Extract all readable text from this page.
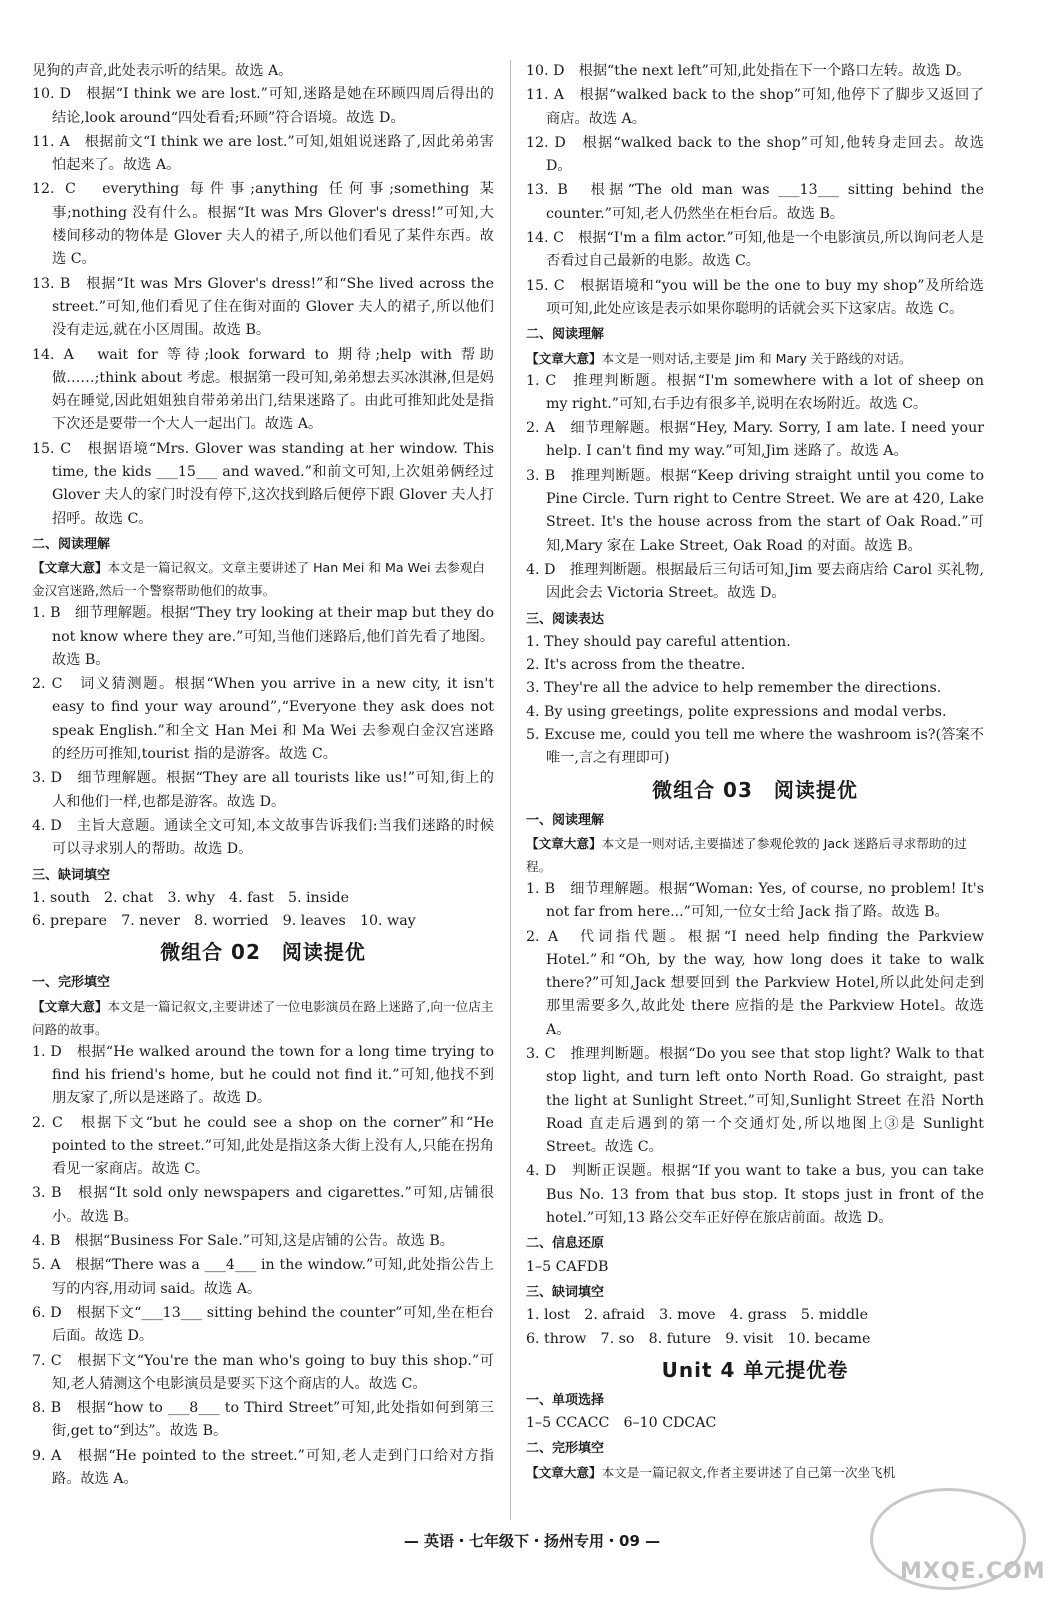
见狗的声音,此处表示听的结果。故选 A。

10. D　根据“I think we are lost.”可知,迷路是她在环顾四周后得出的结论,look around“四处看看;环顾”符合语境。故选 D。

11. A　根据前文“I think we are lost.”可知,姐姐说迷路了,因此弟弟害怕起来了。故选 A。

12. C　everything 每件事;anything 任何事;something 某事;nothing 没有什么。根据“It was Mrs Glover's dress!”可知,大楼间移动的物体是 Glover 夫人的裙子,所以他们看见了某件东西。故选 C。

13. B　根据“It was Mrs Glover's dress!”和“She lived across the street.”可知,他们看见了住在街对面的 Glover 夫人的裙子,所以他们没有走远,就在小区周围。故选 B。

14. A　wait for 等待;look forward to 期待;help with 帮助做……;think about 考虑。根据第一段可知,弟弟想去买冰淇淋,但是妈妈在睡觉,因此姐姐独自带弟弟出门,结果迷路了。由此可推知此处是指下次还是要带一个大人一起出门。故选 A。

15. C　根据语境“Mrs. Glover was standing at her window. This time, the kids ___15___ and waved.”和前文可知,上次姐弟俩经过 Glover 夫人的家门时没有停下,这次找到路后便停下跟 Glover 夫人打招呼。故选 C。

二、阅读理解

【文章大意】本文是一篇记叙文。文章主要讲述了 Han Mei 和 Ma Wei 去参观白金汉宫迷路,然后一个警察帮助他们的故事。

1. B　细节理解题。根据“They try looking at their map but they do not know where they are.”可知,当他们迷路后,他们首先看了地图。故选 B。

2. C　词义猜测题。根据“When you arrive in a new city, it isn't easy to find your way around”,“Everyone they ask does not speak English.”和全文 Han Mei 和 Ma Wei 去参观白金汉宫迷路的经历可推知,tourist 指的是游客。故选 C。

3. D　细节理解题。根据“They are all tourists like us!”可知,街上的人和他们一样,也都是游客。故选 D。

4. D　主旨大意题。通读全文可知,本文故事告诉我们:当我们迷路的时候可以寻求别人的帮助。故选 D。

三、缺词填空

1. south　2. chat　3. why　4. fast　5. inside

6. prepare　7. never　8. worried　9. leaves　10. way

微组合 02　阅读提优

一、完形填空

【文章大意】本文是一篇记叙文,主要讲述了一位电影演员在路上迷路了,向一位店主问路的故事。

1. D　根据“He walked around the town for a long time trying to find his friend's home, but he could not find it.”可知,他找不到朋友家了,所以是迷路了。故选 D。

2. C　根据下文“but he could see a shop on the corner”和“He pointed to the street.”可知,此处是指这条大街上没有人,只能在拐角看见一家商店。故选 C。

3. B　根据“It sold only newspapers and cigarettes.”可知,店铺很小。故选 B。

4. B　根据“Business For Sale.”可知,这是店铺的公告。故选 B。

5. A　根据“There was a ___4___ in the window.”可知,此处指公告上写的内容,用动词 said。故选 A。

6. D　根据下文“___13___ sitting behind the counter”可知,坐在柜台后面。故选 D。

7. C　根据下文“You're the man who's going to buy this shop.”可知,老人猜测这个电影演员是要买下这个商店的人。故选 C。

8. B　根据“how to ___8___ to Third Street”可知,此处指如何到第三街,get to“到达”。故选 B。

9. A　根据“He pointed to the street.”可知,老人走到门口给对方指路。故选 A。

10. D　根据“the next left”可知,此处指在下一个路口左转。故选 D。

11. A　根据“walked back to the shop”可知,他停下了脚步又返回了商店。故选 A。

12. D　根据“walked back to the shop”可知,他转身走回去。故选 D。

13. B　根据“The old man was ___13___ sitting behind the counter.”可知,老人仍然坐在柜台后。故选 B。

14. C　根据“I'm a film actor.”可知,他是一个电影演员,所以询问老人是否看过自己最新的电影。故选 C。

15. C　根据语境和“you will be the one to buy my shop”及所给选项可知,此处应该是表示如果你聪明的话就会买下这家店。故选 C。

二、阅读理解

【文章大意】本文是一则对话,主要是 Jim 和 Mary 关于路线的对话。

1. C　推理判断题。根据“I'm somewhere with a lot of sheep on my right.”可知,右手边有很多羊,说明在农场附近。故选 C。

2. A　细节理解题。根据“Hey, Mary. Sorry, I am late. I need your help. I can't find my way.”可知,Jim 迷路了。故选 A。

3. B　推理判断题。根据“Keep driving straight until you come to Pine Circle. Turn right to Centre Street. We are at 420, Lake Street. It's the house across from the start of Oak Road.”可知,Mary 家在 Lake Street, Oak Road 的对面。故选 B。

4. D　推理判断题。根据最后三句话可知,Jim 要去商店给 Carol 买礼物,因此会去 Victoria Street。故选 D。

三、阅读表达

1. They should pay careful attention.

2. It's across from the theatre.

3. They're all the advice to help remember the directions.

4. By using greetings, polite expressions and modal verbs.

5. Excuse me, could you tell me where the washroom is?(答案不唯一,言之有理即可)

微组合 03　阅读提优

一、阅读理解

【文章大意】本文是一则对话,主要描述了参观伦敦的 Jack 迷路后寻求帮助的过程。

1. B　细节理解题。根据“Woman: Yes, of course, no problem! It's not far from here...”可知,一位女士给 Jack 指了路。故选 B。

2. A　代词指代题。根据“I need help finding the Parkview Hotel.”和“Oh, by the way, how long does it take to walk there?”可知,Jack 想要回到 the Parkview Hotel,所以此处问走到那里需要多久,故此处 there 应指的是 the Parkview Hotel。故选 A。

3. C　推理判断题。根据“Do you see that stop light? Walk to that stop light, and turn left onto North Road. Go straight, past the light at Sunlight Street.”可知,Sunlight Street 在沿 North Road 直走后遇到的第一个交通灯处,所以地图上③是 Sunlight Street。故选 C。

4. D　判断正误题。根据“If you want to take a bus, you can take Bus No. 13 from that bus stop. It stops just in front of the hotel.”可知,13 路公交车正好停在旅店前面。故选 D。

二、信息还原

1–5 CAFDB

三、缺词填空

1. lost　2. afraid　3. move　4. grass　5. middle

6. throw　7. so　8. future　9. visit　10. became

Unit 4 单元提优卷

一、单项选择

1–5 CCACC　6–10 CDCAC

二、完形填空

【文章大意】本文是一篇记叙文,作者主要讲述了自己第一次坐飞机

— 英语・七年级下・扬州专用・09 —
MXQE.COM
